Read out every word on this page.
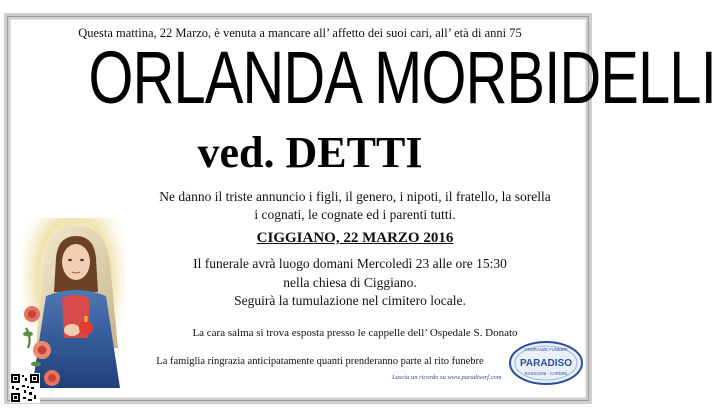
Questa mattina, 22 Marzo, è venuta a mancare all’ affetto dei suoi cari, all’ età di anni 75
ORLANDA MORBIDELLI
ved. DETTI
Ne danno il triste annuncio i figli, il genero, i nipoti, il fratello, la sorella
i cognati, le cognate ed i parenti tutti.
CIGGIANO, 22 MARZO 2016
Il funerale avrà luogo domani Mercoledì 23 alle ore 15:30
nella chiesa di Ciggiano.
Seguirà la tumulazione nel cimitero locale.
La cara salma si trova esposta presso le cappelle dell’ Ospedale S. Donato
La famiglia ringrazia anticipatamente quanti prenderanno parte al rito funebre
Lascia un ricordo su www.paradisorf.com
ONORANZE FUNEBRI
PARADISO
RASSAGNI · CARDINI
